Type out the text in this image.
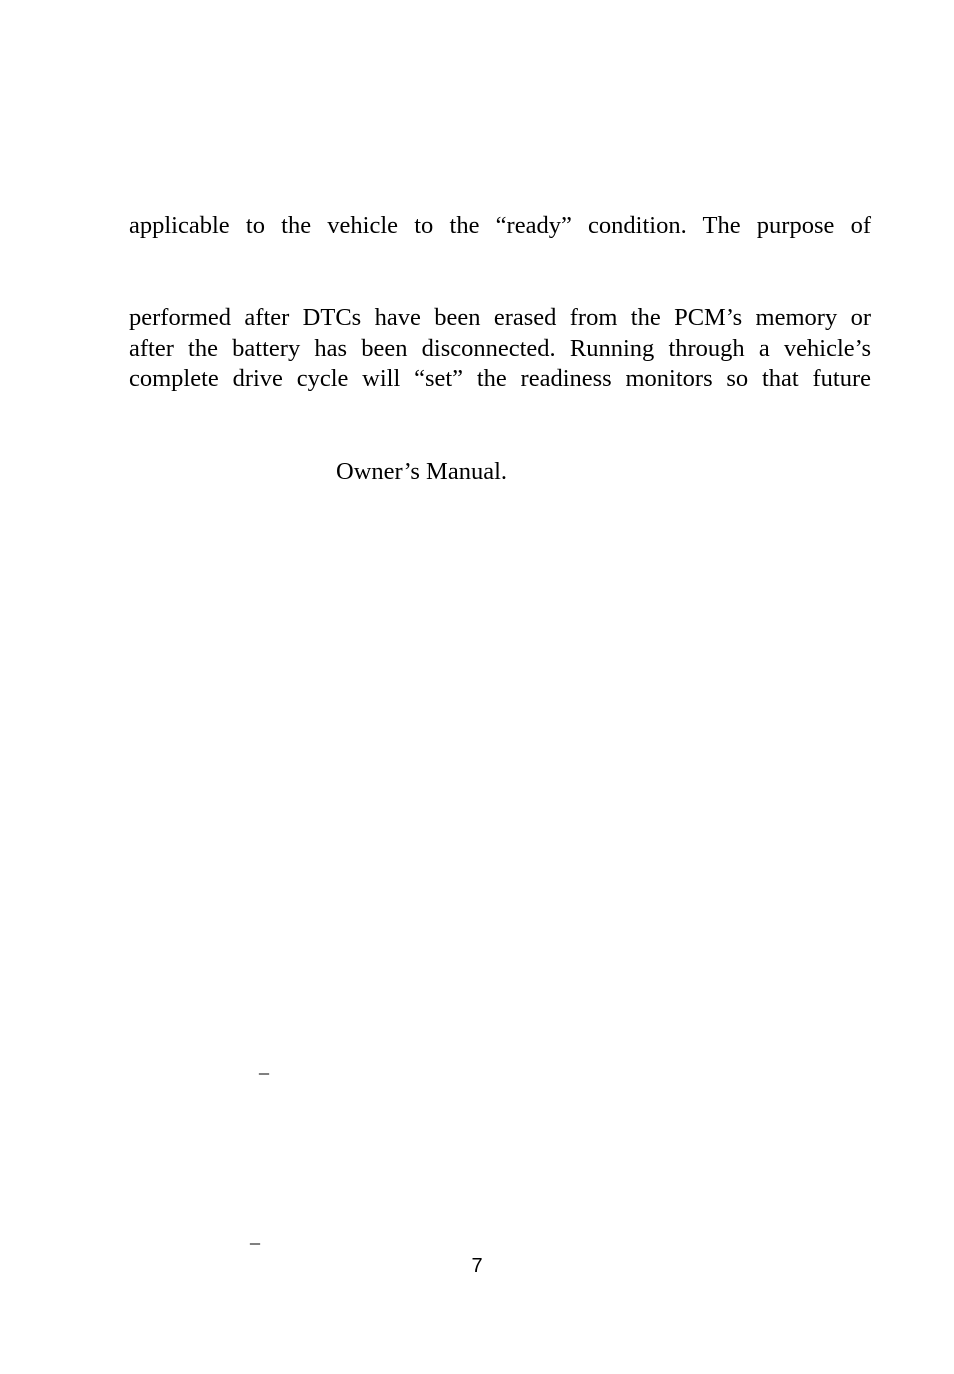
applicable to the vehicle to the “ready” condition. The purpose of
performed after DTCs have been erased from the PCM’s memory or
after the battery has been disconnected. Running through a vehicle’s
complete drive cycle will “set” the readiness monitors so that future
Owner’s Manual.
_
_
7
